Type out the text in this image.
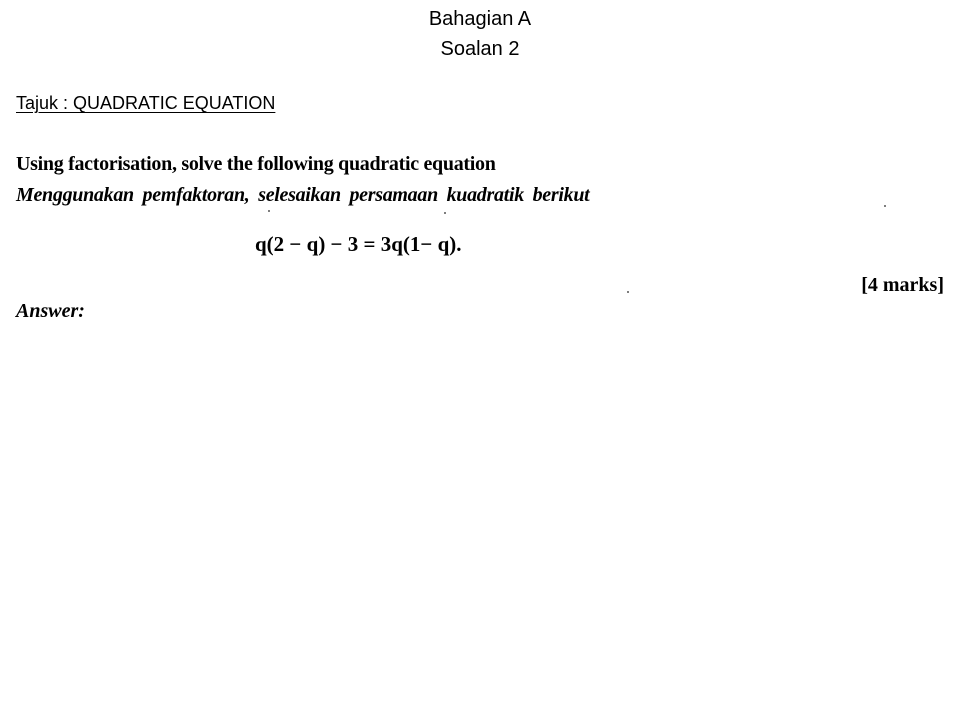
Bahagian A
Soalan 2
Tajuk : QUADRATIC EQUATION
Using factorisation, solve the following quadratic equation
Menggunakan pemfaktoran, selesaikan persamaan kuadratik berikut
q(2 − q) − 3 = 3q(1− q).
[4 marks]
Answer:
